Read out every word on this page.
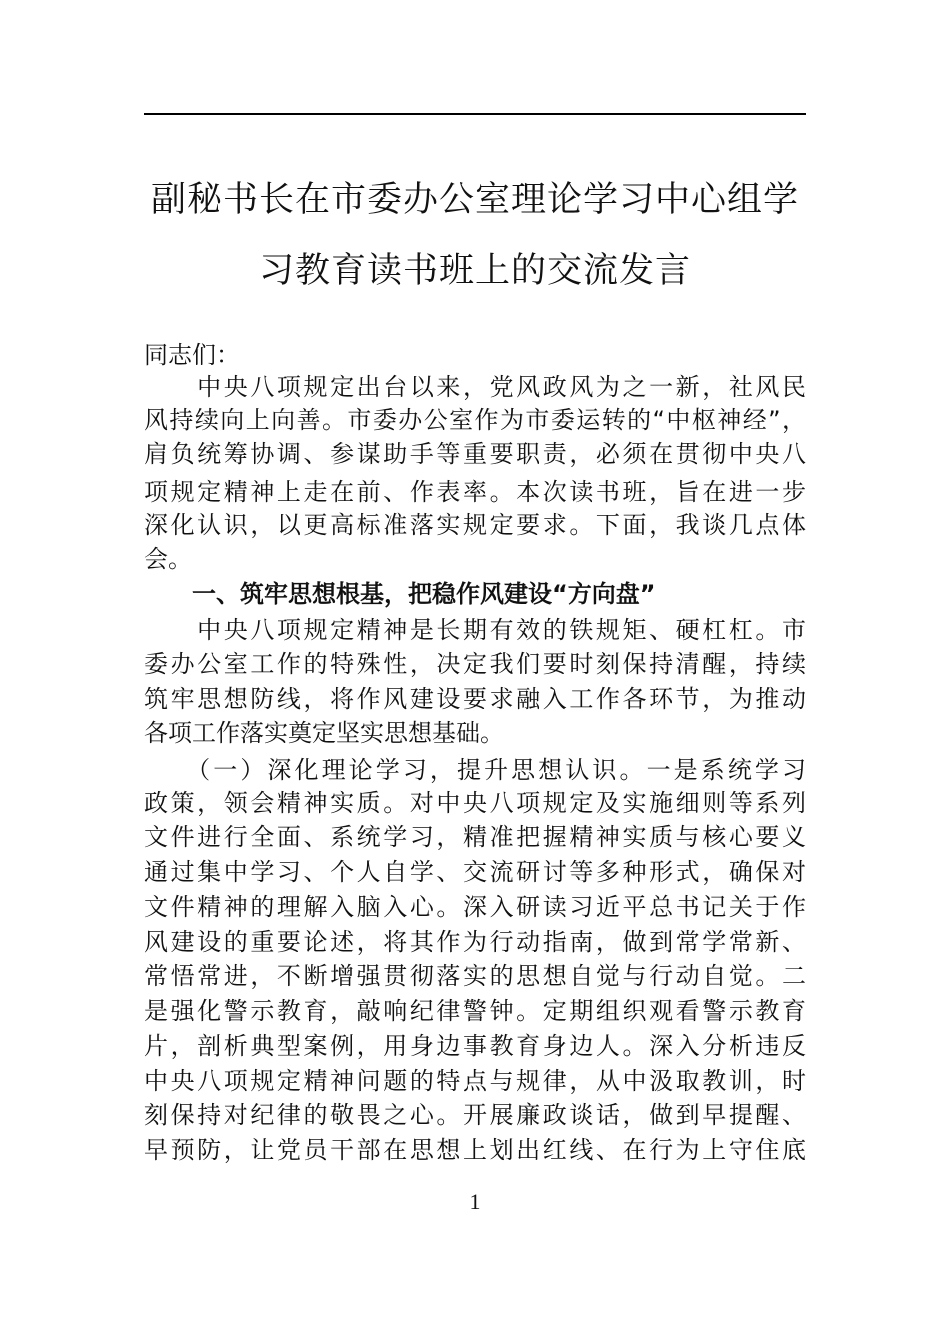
副秘书长在市委办公室理论学习中心组学
习教育读书班上的交流发言
同志们：
　　中央八项规定出台以来，党风政风为之一新，社风民
风持续向上向善。市委办公室作为市委运转的“中枢神经”，
肩负统筹协调、参谋助手等重要职责，必须在贯彻中央八
项规定精神上走在前、作表率。本次读书班，旨在进一步
深化认识，以更高标准落实规定要求。下面，我谈几点体
会。
　　一、筑牢思想根基，把稳作风建设“方向盘”
　　中央八项规定精神是长期有效的铁规矩、硬杠杠。市
委办公室工作的特殊性，决定我们要时刻保持清醒，持续
筑牢思想防线，将作风建设要求融入工作各环节，为推动
各项工作落实奠定坚实思想基础。
　　（一）深化理论学习，提升思想认识。一是系统学习
政策，领会精神实质。对中央八项规定及实施细则等系列
文件进行全面、系统学习，精准把握精神实质与核心要义
通过集中学习、个人自学、交流研讨等多种形式，确保对
文件精神的理解入脑入心。深入研读习近平总书记关于作
风建设的重要论述，将其作为行动指南，做到常学常新、
常悟常进，不断增强贯彻落实的思想自觉与行动自觉。二
是强化警示教育，敲响纪律警钟。定期组织观看警示教育
片，剖析典型案例，用身边事教育身边人。深入分析违反
中央八项规定精神问题的特点与规律，从中汲取教训，时
刻保持对纪律的敬畏之心。开展廉政谈话，做到早提醒、
早预防，让党员干部在思想上划出红线、在行为上守住底
1
